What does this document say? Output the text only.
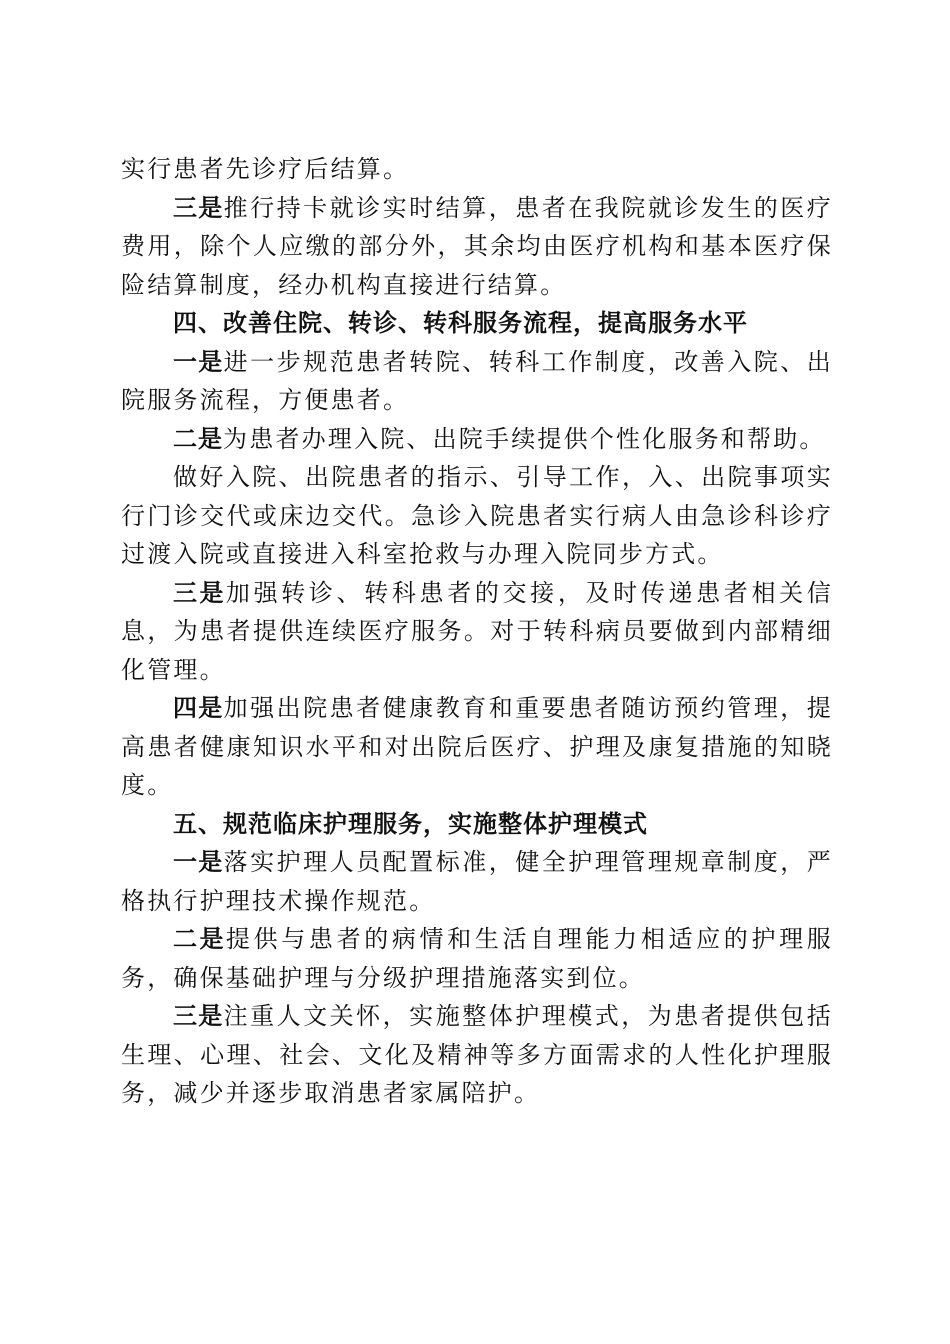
实行患者先诊疗后结算。

三是推行持卡就诊实时结算，患者在我院就诊发生的医疗费用，除个人应缴的部分外，其余均由医疗机构和基本医疗保险结算制度，经办机构直接进行结算。

四、改善住院、转诊、转科服务流程，提高服务水平

一是进一步规范患者转院、转科工作制度，改善入院、出院服务流程，方便患者。

二是为患者办理入院、出院手续提供个性化服务和帮助。

做好入院、出院患者的指示、引导工作，入、出院事项实行门诊交代或床边交代。急诊入院患者实行病人由急诊科诊疗过渡入院或直接进入科室抢救与办理入院同步方式。

三是加强转诊、转科患者的交接，及时传递患者相关信息，为患者提供连续医疗服务。对于转科病员要做到内部精细化管理。

四是加强出院患者健康教育和重要患者随访预约管理，提高患者健康知识水平和对出院后医疗、护理及康复措施的知晓度。

五、规范临床护理服务，实施整体护理模式

一是落实护理人员配置标准，健全护理管理规章制度，严格执行护理技术操作规范。

二是提供与患者的病情和生活自理能力相适应的护理服务，确保基础护理与分级护理措施落实到位。

三是注重人文关怀，实施整体护理模式，为患者提供包括生理、心理、社会、文化及精神等多方面需求的人性化护理服务，减少并逐步取消患者家属陪护。
